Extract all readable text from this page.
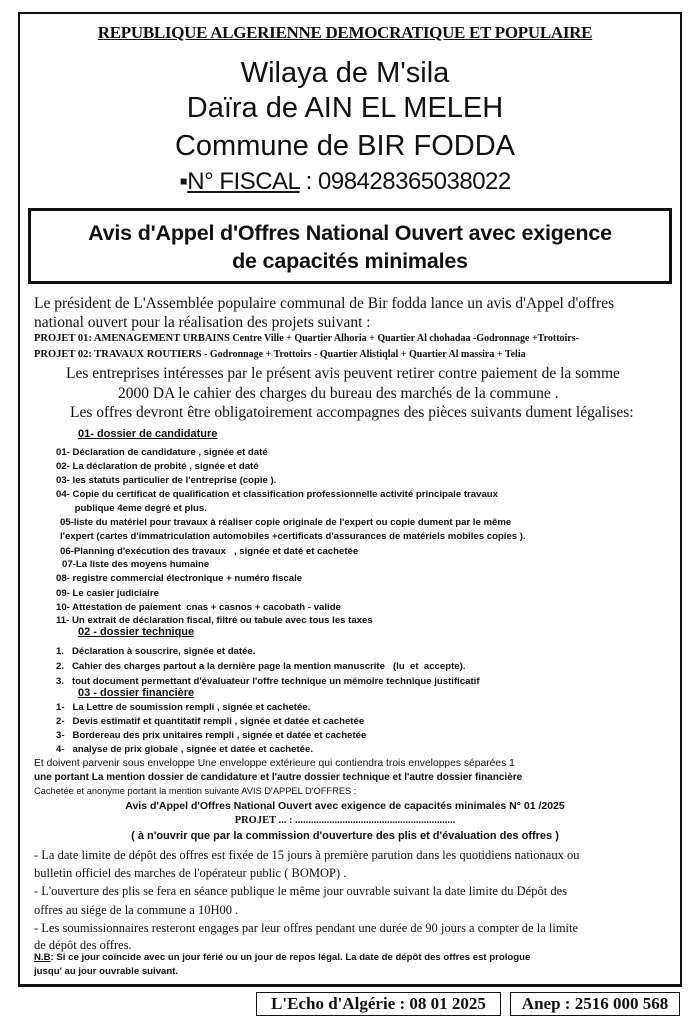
REPUBLIQUE ALGERIENNE DEMOCRATIQUE ET POPULAIRE
Wilaya de M'sila
Daïra de AIN EL MELEH
Commune de BIR FODDA
▪N° FISCAL : 098428365038022
Avis d'Appel d'Offres National Ouvert avec exigence
de capacités minimales
Le président de L'Assemblée populaire communal de Bir fodda lance un avis d'Appel d'offres
national ouvert pour la réalisation des projets suivant :
PROJET 01: AMENAGEMENT URBAINS Centre Ville + Quartier Alhoria + Quartier Al chohadaa -Godronnage +Trottoirs-
PROJET 02: TRAVAUX ROUTIERS - Godronnage + Trottoirs - Quartier Alistiqlal + Quartier Al massira + Telia
Les entreprises intéresses par le présent avis peuvent retirer contre paiement de la somme
2000 DA le cahier des charges du bureau des marchés de la commune .
Les offres devront être obligatoirement accompagnes des pièces suivants dument légalises:
01- dossier de candidature
01- Déclaration de candidature , signée et daté
02- La déclaration de probité , signée et daté
03- les statuts particulier de l'entreprise (copie ).
04- Copie du certificat de qualification et classification professionnelle activité principale travaux
publique 4eme degré et plus.
05-liste du matériel pour travaux à réaliser copie originale de l'expert ou copie dument par le même
l'expert (cartes d'immatriculation automobiles +certificats d'assurances de matériels mobiles copies ).
06-Planning d'exécution des travaux   , signée et daté et cachetée
07-La liste des moyens humaine
08- registre commercial électronique + numéro fiscale
09- Le casier judiciaire
10- Attestation de paiement  cnas + casnos + cacobath - valide
11- Un extrait de déclaration fiscal, filtré ou tabule avec tous les taxes
02 - dossier technique
1.   Déclaration à souscrire, signée et datée.
2.   Cahier des charges partout a la dernière page la mention manuscrite   (lu  et  accepte).
3.   tout document permettant d'évaluateur l'offre technique un mémoire technique justificatif
03 - dossier financière
1-   La Lettre de soumission rempli , signée et cachetée.
2-   Devis estimatif et quantitatif rempli , signée et datée et cachetée
3-   Bordereau des prix unitaires rempli , signée et datée et cachetée
4-   analyse de prix globale , signée et datée et cachetée.
Et doivent parvenir sous enveloppe Une enveloppe extérieure qui contiendra trois enveloppes séparées 1
une portant La mention dossier de candidature et l'autre dossier technique et l'autre dossier financière
Cachetée et anonyme portant la mention suivante AVIS D'APPEL D'OFFRES :
Avis d'Appel d'Offres National Ouvert avec exigence de capacités minimales N° 01 /2025
PROJET ... : .............................................................
( à n'ouvrir que par la commission d'ouverture des plis et d'évaluation des offres )
- La date limite de dépôt des offres est fixée de 15 jours à première parution dans les quotidiens nationaux ou
bulletin officiel des marches de l'opérateur public ( BOMOP) .
- L'ouverture des plis se fera en séance publique le même jour ouvrable suivant la date limite du Dépôt des
offres au siége de la commune a 10H00 .
- Les soumissionnaires resteront engages par leur offres pendant une durée de 90 jours a compter de la limite
de dépôt des offres.
N.B: Si ce jour coïncide avec un jour férié ou un jour de repos légal. La date de dépôt des offres est prologue
jusqu' au jour ouvrable suivant.
L'Echo d'Algérie : 08 01 2025	Anep : 2516 000 568
